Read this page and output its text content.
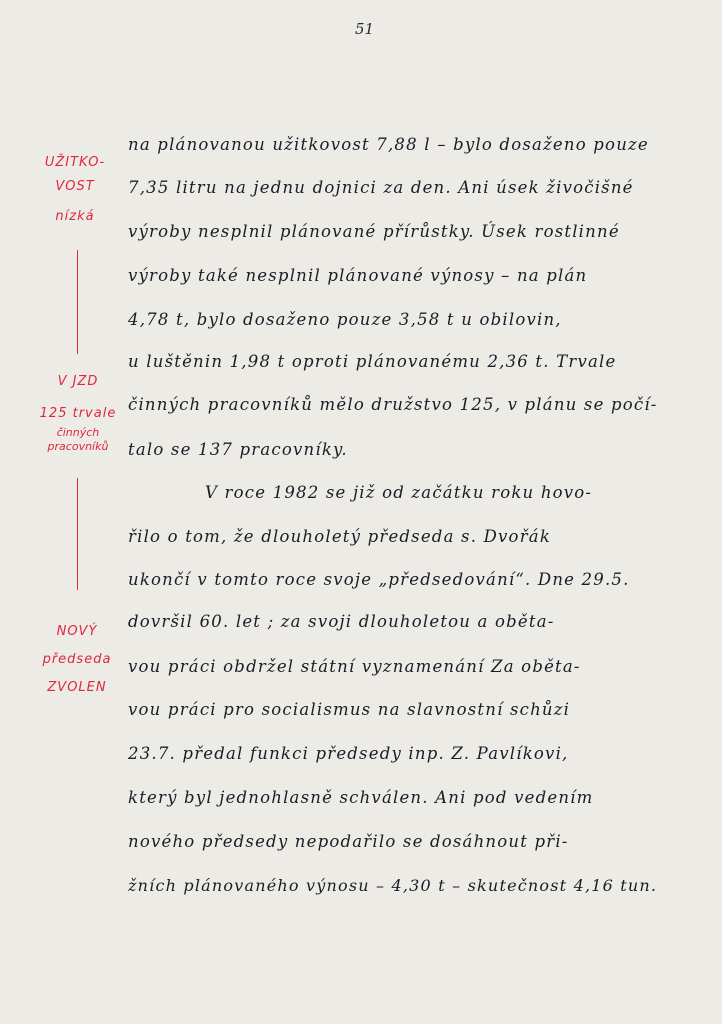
51
UŽITKO-
VOST
nízká
V JZD
125 trvale
činných
pracovníků
NOVÝ
předseda
ZVOLEN
na plánovanou užitkovost 7,88 l – bylo dosaženo pouze
7,35 litru na jednu dojnici za den. Ani úsek živočišné
výroby nesplnil plánované přírůstky. Úsek rostlinné
výroby také nesplnil plánované výnosy – na plán
4,78 t, bylo dosaženo pouze 3,58 t u obilovin,
u luštěnin 1,98 t oproti plánovanému 2,36 t. Trvale
činných pracovníků mělo družstvo 125, v plánu se počí-
talo se 137 pracovníky.
V roce 1982 se již od začátku roku hovo-
řilo o tom, že dlouholetý předseda s. Dvořák
ukončí v tomto roce svoje „předsedování“. Dne 29.5.
dovršil 60. let ; za svoji dlouholetou a oběta-
vou práci obdržel státní vyznamenání Za oběta-
vou práci pro socialismus na slavnostní schůzi
23.7. předal funkci předsedy inp. Z. Pavlíkovi,
který byl jednohlasně schválen. Ani pod vedením
nového předsedy nepodařilo se dosáhnout při-
žních plánovaného výnosu – 4,30 t – skutečnost 4,16 tun.
